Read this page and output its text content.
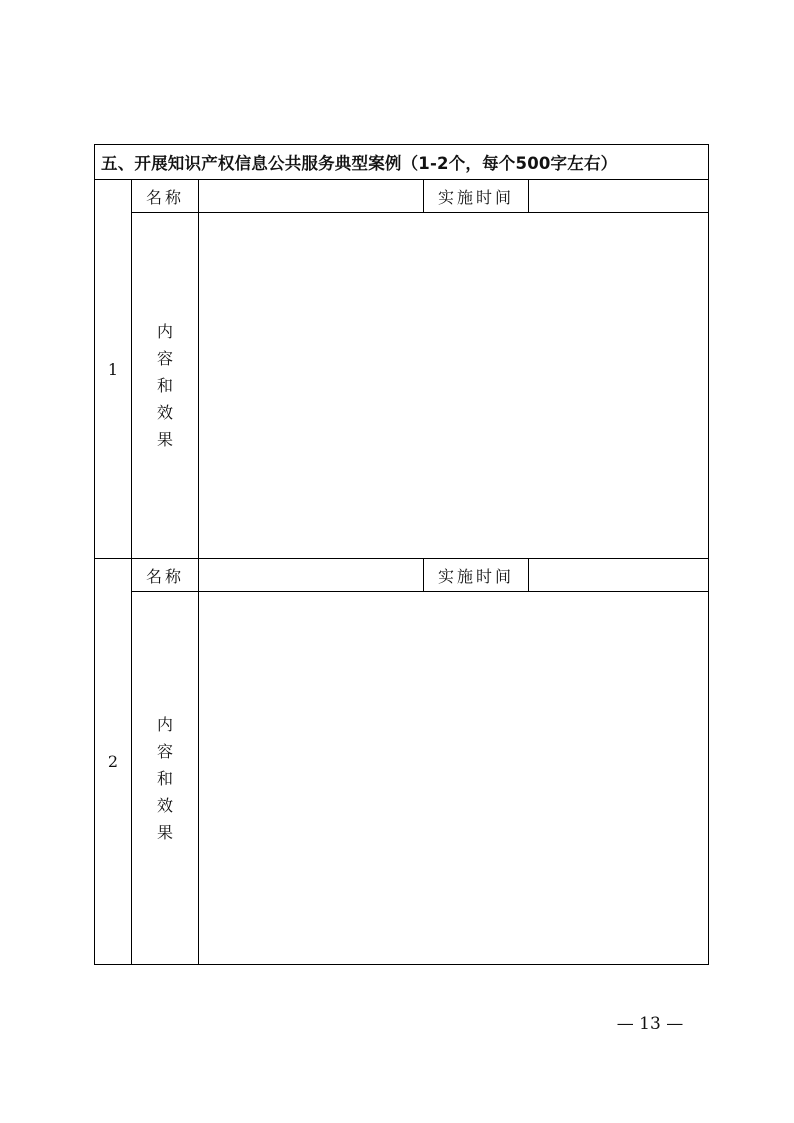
五、开展知识产权信息公共服务典型案例（1-2个，每个500字左右）				
1	名称		实施时间	

	内
容
和
效
果			

2	名称		实施时间	

	内
容
和
效
果			

— 13 —
